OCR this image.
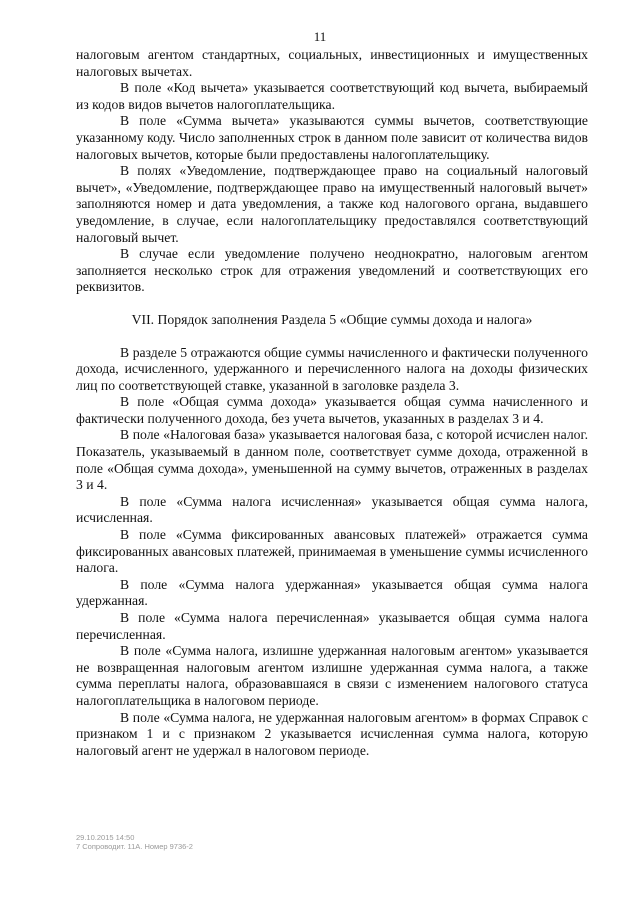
11

налоговым агентом стандартных, социальных, инвестиционных и имущественных налоговых вычетах.

В поле «Код вычета» указывается соответствующий код вычета, выбираемый из кодов видов вычетов налогоплательщика.

В поле «Сумма вычета» указываются суммы вычетов, соответствующие указанному коду. Число заполненных строк в данном поле зависит от количества видов налоговых вычетов, которые были предоставлены налогоплательщику.

В полях «Уведомление, подтверждающее право на социальный налоговый вычет», «Уведомление, подтверждающее право на имущественный налоговый вычет» заполняются номер и дата уведомления, а также код налогового органа, выдавшего уведомление, в случае, если налогоплательщику предоставлялся соответствующий налоговый вычет.

В случае если уведомление получено неоднократно, налоговым агентом заполняется несколько строк для отражения уведомлений и соответствующих его реквизитов.

VII. Порядок заполнения Раздела 5 «Общие суммы дохода и налога»

В разделе 5 отражаются общие суммы начисленного и фактически полученного дохода, исчисленного, удержанного и перечисленного налога на доходы физических лиц по соответствующей ставке, указанной в заголовке раздела 3.

В поле «Общая сумма дохода» указывается общая сумма начисленного и фактически полученного дохода, без учета вычетов, указанных в разделах 3 и 4.

В поле «Налоговая база» указывается налоговая база, с которой исчислен налог. Показатель, указываемый в данном поле, соответствует сумме дохода, отраженной в поле «Общая сумма дохода», уменьшенной на сумму вычетов, отраженных в разделах 3 и 4.

В поле «Сумма налога исчисленная» указывается общая сумма налога, исчисленная.

В поле «Сумма фиксированных авансовых платежей» отражается сумма фиксированных авансовых платежей, принимаемая в уменьшение суммы исчисленного налога.

В поле «Сумма налога удержанная» указывается общая сумма налога удержанная.

В поле «Сумма налога перечисленная» указывается общая сумма налога перечисленная.

В поле «Сумма налога, излишне удержанная налоговым агентом» указывается не возвращенная налоговым агентом излишне удержанная сумма налога, а также сумма переплаты налога, образовавшаяся в связи с изменением налогового статуса налогоплательщика в налоговом периоде.

В поле «Сумма налога, не удержанная налоговым агентом» в формах Справок с признаком 1 и с признаком 2 указывается исчисленная сумма налога, которую налоговый агент не удержал в налоговом периоде.

29.10.2015 14:50
7 Сопроводит. 11А. Номер 9736-2
